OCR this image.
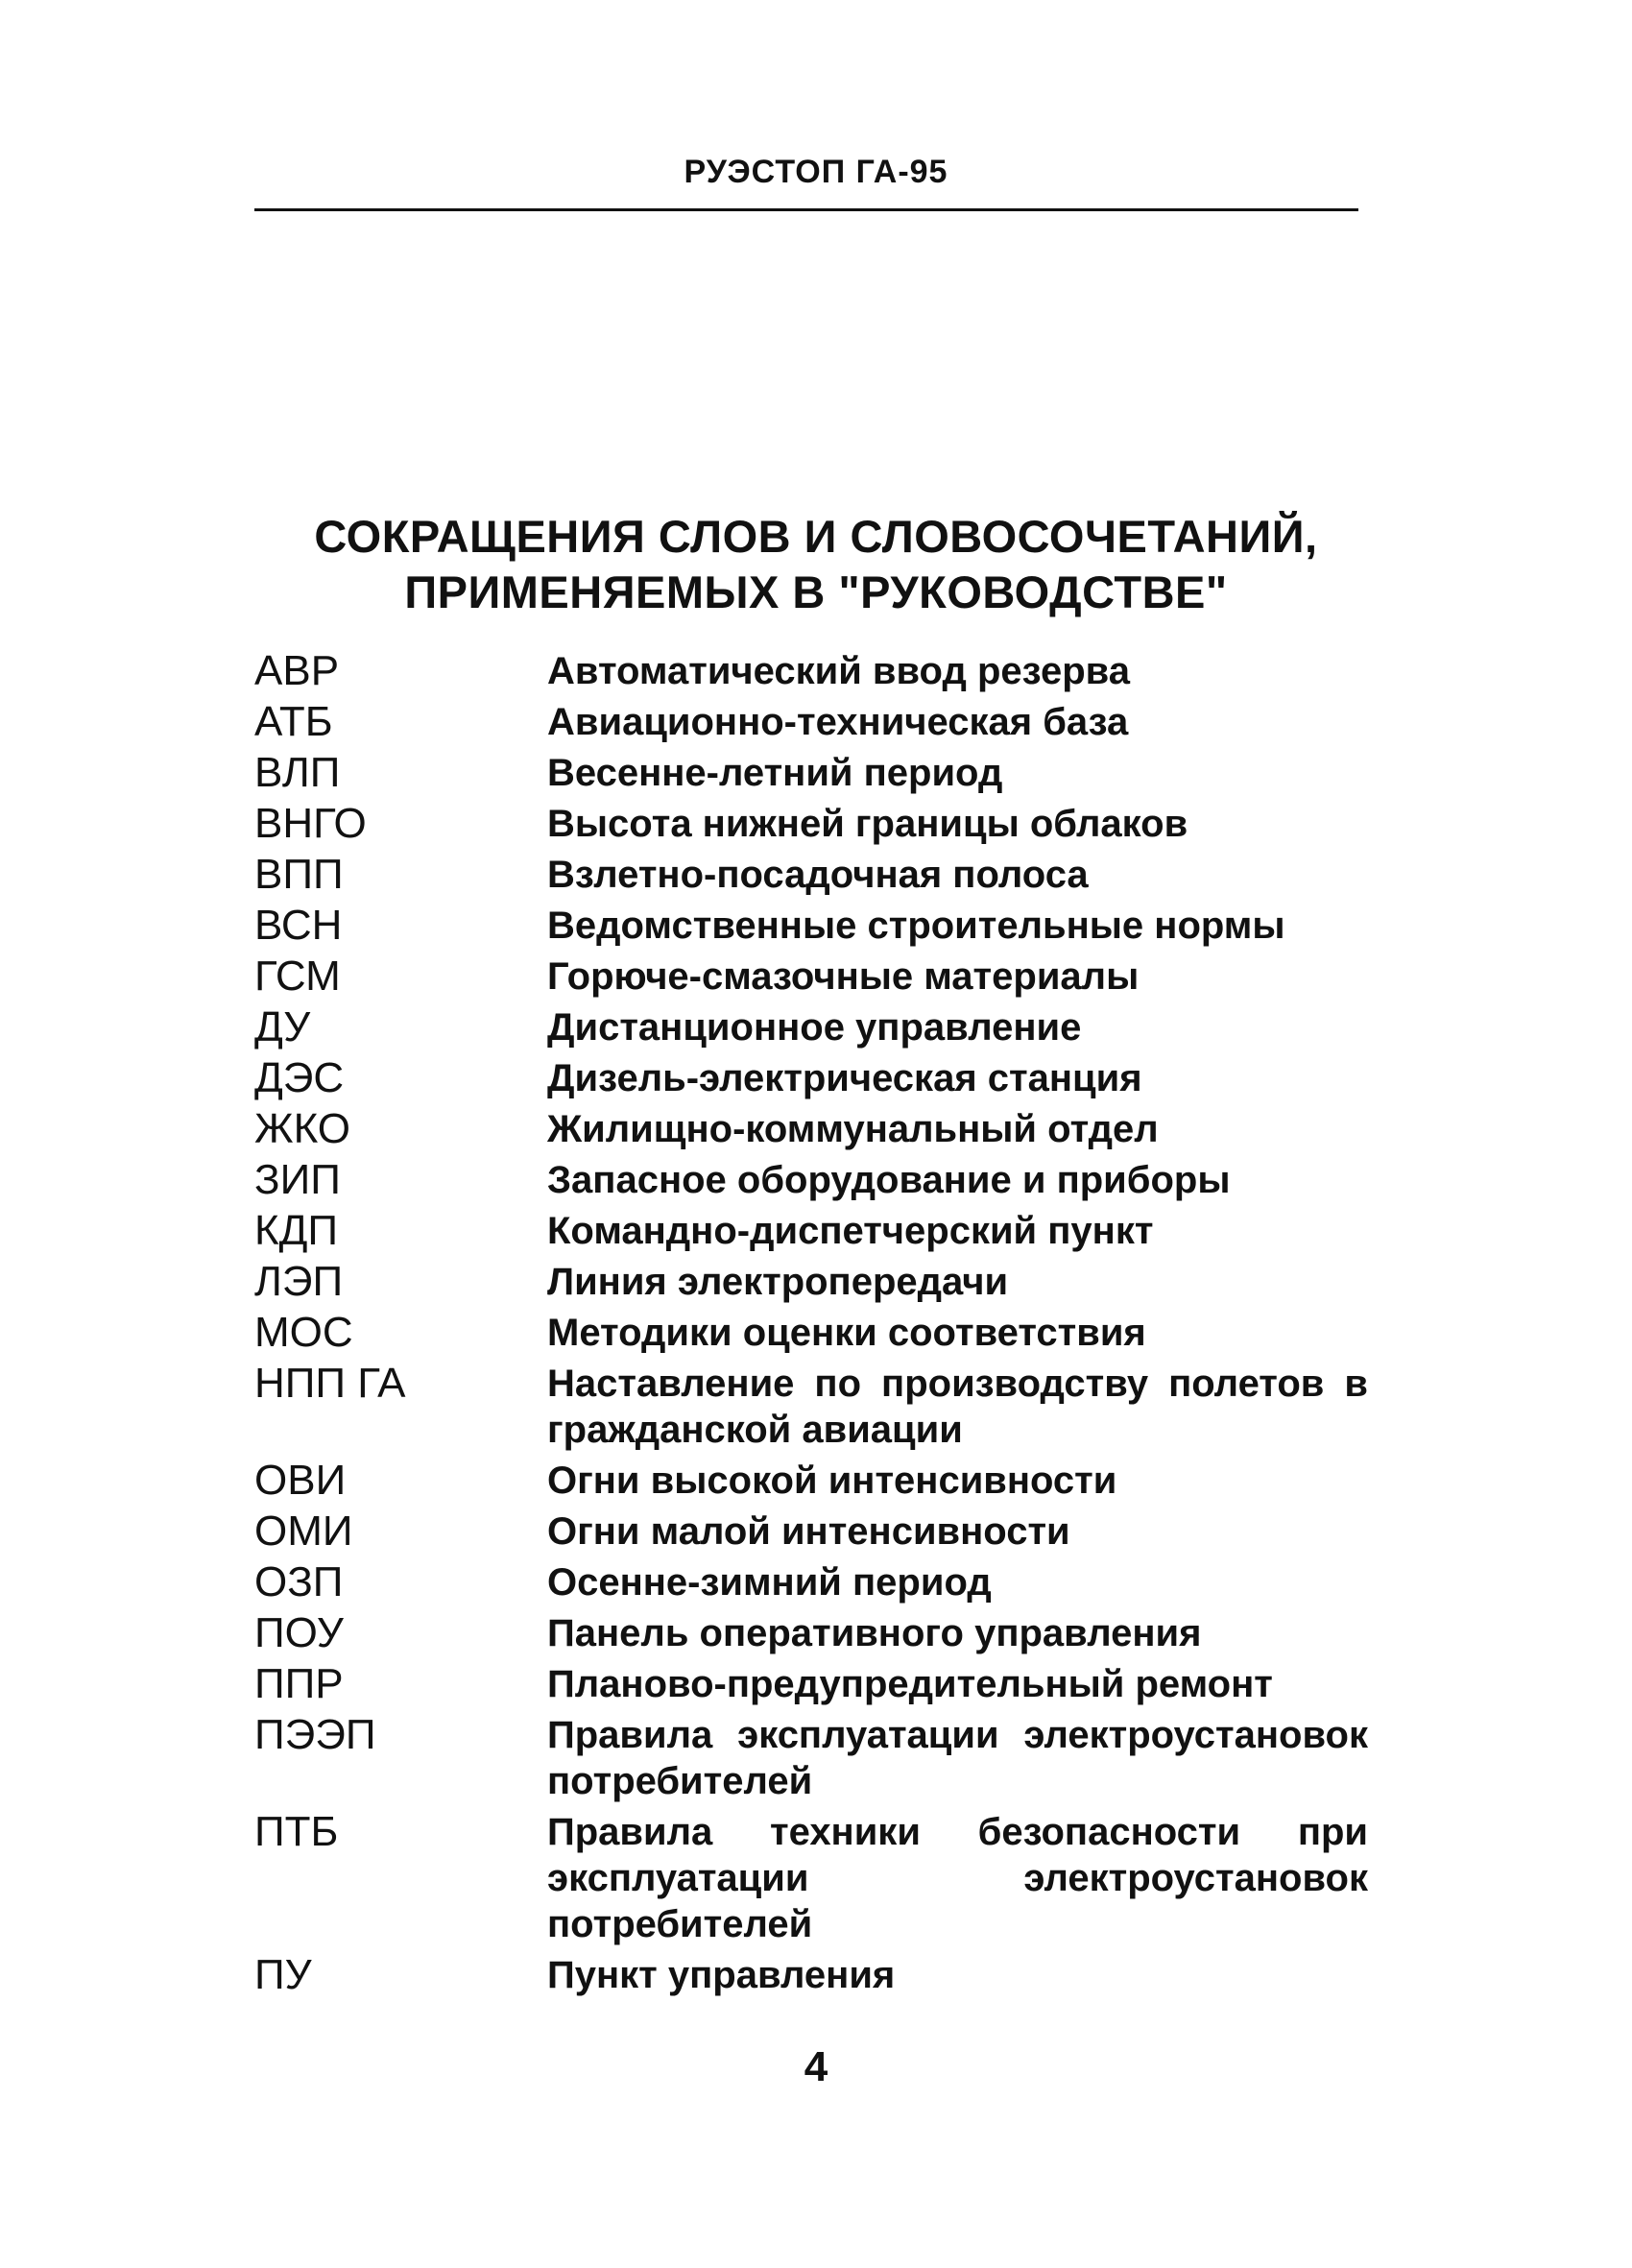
РУЭСТОП ГА-95
СОКРАЩЕНИЯ СЛОВ И СЛОВОСОЧЕТАНИЙ,
ПРИМЕНЯЕМЫХ В "РУКОВОДСТВЕ"
АВР	Автоматический ввод резерва
АТБ	Авиационно-техническая база
ВЛП	Весенне-летний период
ВНГО	Высота нижней границы облаков
ВПП	Взлетно-посадочная полоса
ВСН	Ведомственные строительные нормы
ГСМ	Горюче-смазочные материалы
ДУ	Дистанционное управление
ДЭС	Дизель-электрическая станция
ЖКО	Жилищно-коммунальный отдел
ЗИП	Запасное оборудование и приборы
КДП	Командно-диспетчерский пункт
ЛЭП	Линия электропередачи
МОС	Методики оценки соответствия
НПП ГА	Наставление по производству полетов в гражданской авиации
ОВИ	Огни высокой интенсивности
ОМИ	Огни малой интенсивности
ОЗП	Осенне-зимний период
ПОУ	Панель оперативного управления
ППР	Планово-предупредительный ремонт
ПЭЭП	Правила эксплуатации электроустановок потребителей
ПТБ	Правила техники безопасности при эксплуатации электроустановок потребителей
ПУ	Пункт управления
4
